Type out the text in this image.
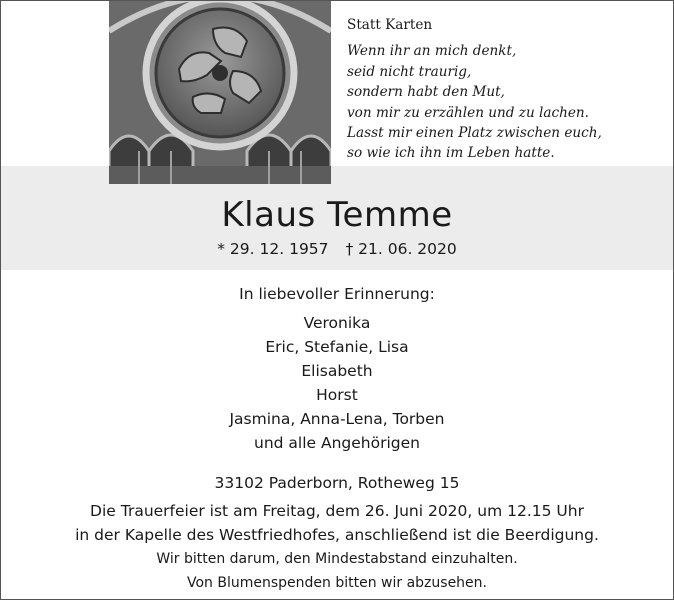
Statt Karten
Wenn ihr an mich denkt,
seid nicht traurig,
sondern habt den Mut,
von mir zu erzählen und zu lachen.
Lasst mir einen Platz zwischen euch,
so wie ich ihn im Leben hatte.
Klaus Temme
* 29. 12. 1957 † 21. 06. 2020
In liebevoller Erinnerung:
Veronika
Eric, Stefanie, Lisa
Elisabeth
Horst
Jasmina, Anna-Lena, Torben
und alle Angehörigen
33102 Paderborn, Rotheweg 15
Die Trauerfeier ist am Freitag, dem 26. Juni 2020, um 12.15 Uhr
in der Kapelle des Westfriedhofes, anschließend ist die Beerdigung.
Wir bitten darum, den Mindestabstand einzuhalten.
Von Blumenspenden bitten wir abzusehen.
